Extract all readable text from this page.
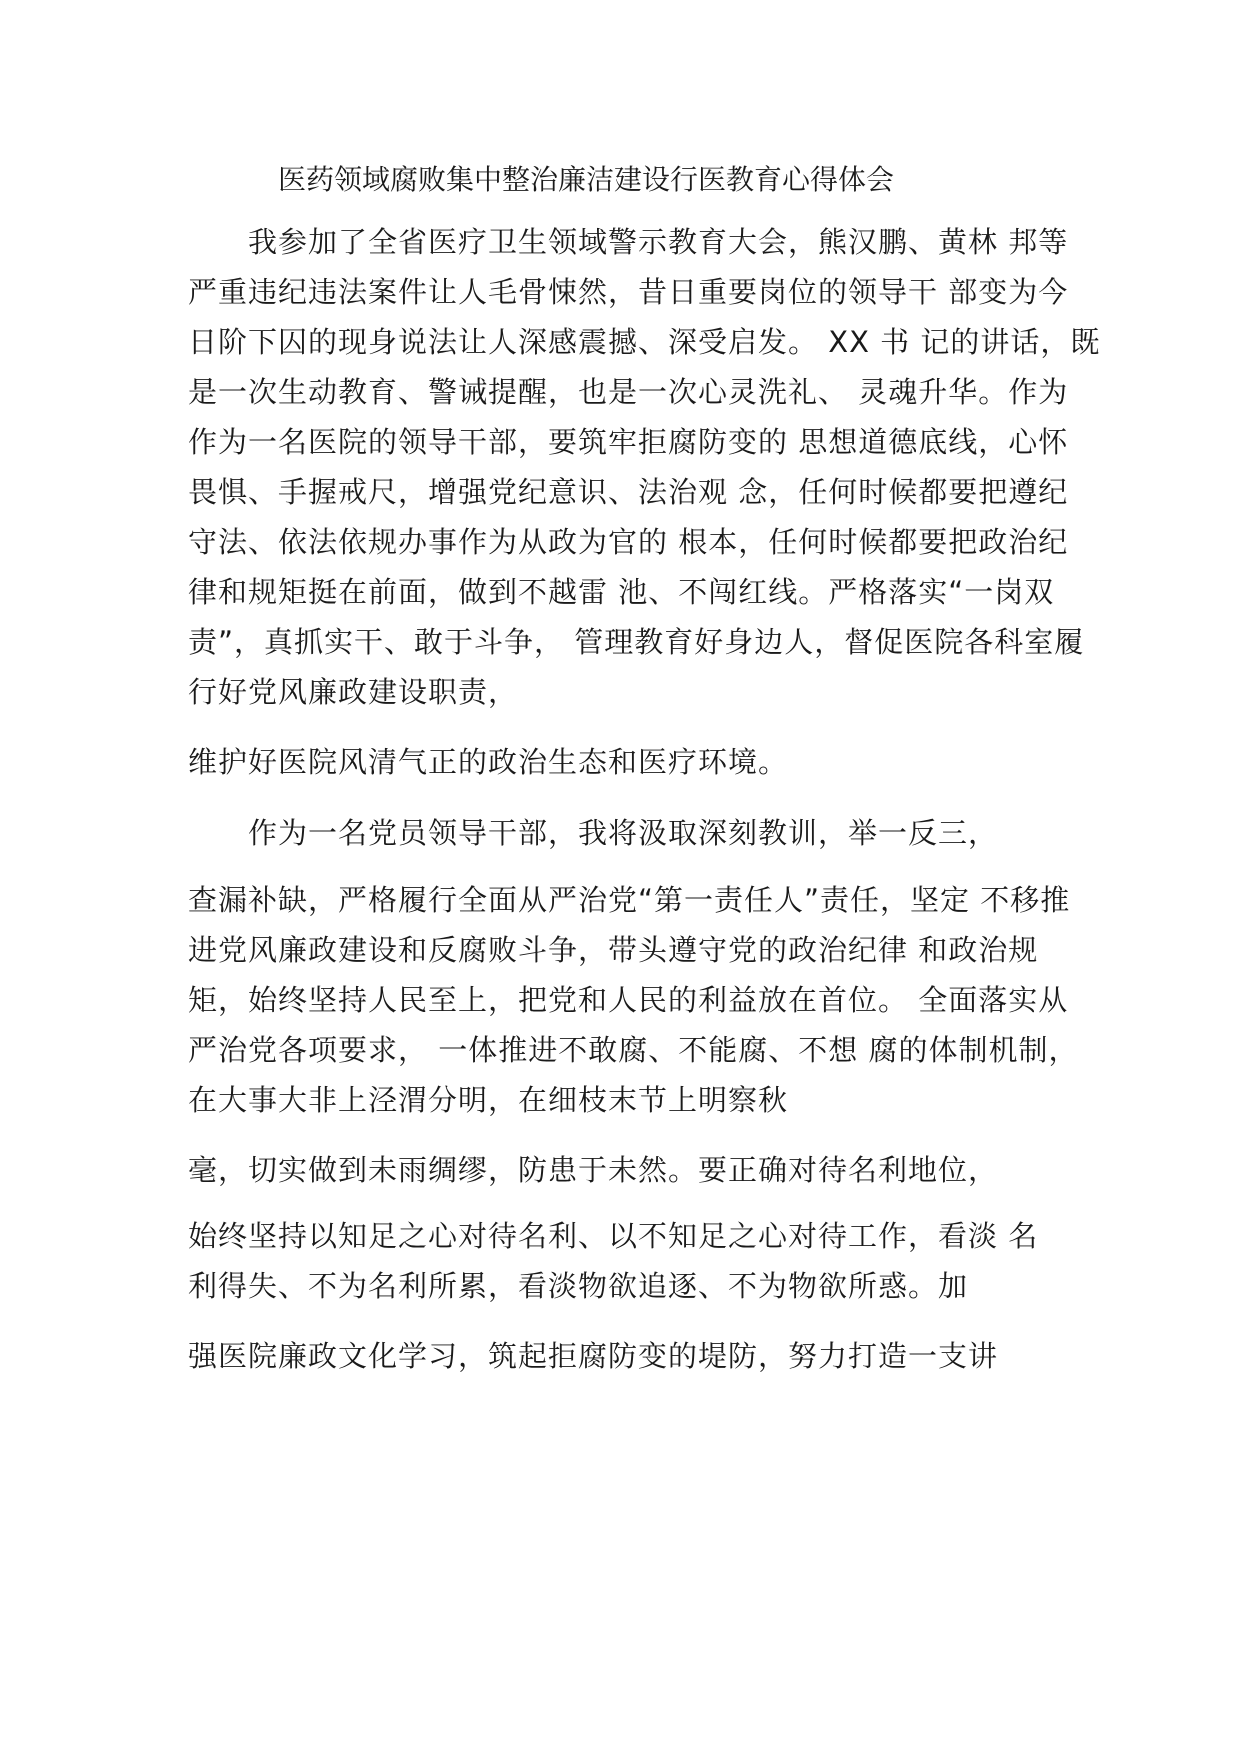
医药领域腐败集中整治廉洁建设行医教育心得体会
我参加了全省医疗卫生领域警示教育大会，熊汉鹏、黄林 邦等
严重违纪违法案件让人毛骨悚然，昔日重要岗位的领导干 部变为今
日阶下囚的现身说法让人深感震撼、深受启发。 XX 书 记的讲话，既
是一次生动教育、警诫提醒，也是一次心灵洗礼、 灵魂升华。作为
作为一名医院的领导干部，要筑牢拒腐防变的 思想道德底线，心怀
畏惧、手握戒尺，增强党纪意识、法治观 念，任何时候都要把遵纪
守法、依法依规办事作为从政为官的 根本，任何时候都要把政治纪
律和规矩挺在前面，做到不越雷 池、不闯红线。严格落实“一岗双
责”，真抓实干、敢于斗争， 管理教育好身边人，督促医院各科室履
行好党风廉政建设职责，
维护好医院风清气正的政治生态和医疗环境。
作为一名党员领导干部，我将汲取深刻教训，举一反三，
查漏补缺，严格履行全面从严治党“第一责任人”责任，坚定 不移推
进党风廉政建设和反腐败斗争，带头遵守党的政治纪律 和政治规
矩，始终坚持人民至上，把党和人民的利益放在首位。 全面落实从
严治党各项要求， 一体推进不敢腐、不能腐、不想 腐的体制机制，
在大事大非上泾渭分明，在细枝末节上明察秋
毫，切实做到未雨绸缪，防患于未然。要正确对待名利地位，
始终坚持以知足之心对待名利、以不知足之心对待工作，看淡 名
利得失、不为名利所累，看淡物欲追逐、不为物欲所惑。加
强医院廉政文化学习，筑起拒腐防变的堤防，努力打造一支讲
